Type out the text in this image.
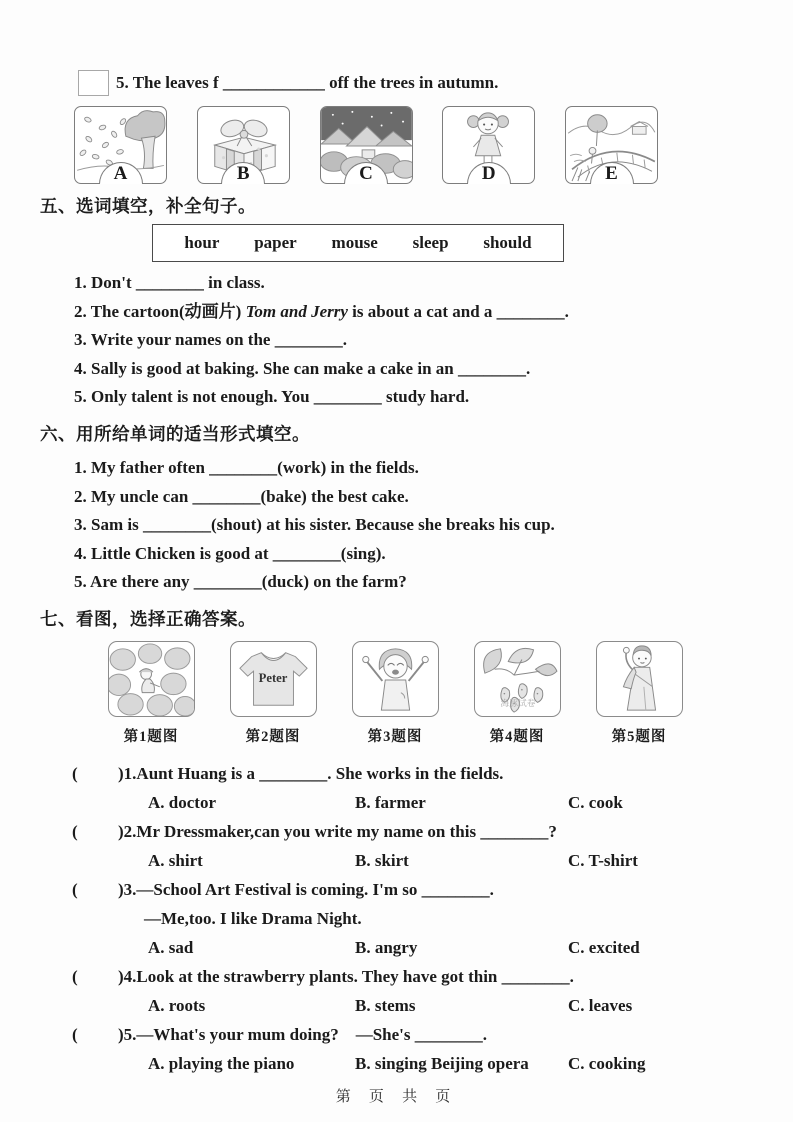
5. The leaves f ____________ off the trees in autumn.
A	B	C	D	E
五、选词填空，补全句子。
hour paper mouse sleep should
1. Don't ________ in class.
2. The cartoon(动画片) Tom and Jerry is about a cat and a ________.
3. Write your names on the ________.
4. Sally is good at baking. She can make a cake in an ________.
5. Only talent is not enough. You ________ study hard.
六、用所给单词的适当形式填空。
1. My father often ________(work) in the fields.
2. My uncle can ________(bake) the best cake.
3. Sam is ________(shout) at his sister. Because she breaks his cup.
4. Little Chicken is good at ________(sing).
5. Are there any ________(duck) on the farm?
七、看图，选择正确答案。
第1题图
Peter
第2题图	第3题图
海豚试卷
第4题图	第5题图
(	)1. Aunt Huang is a ________. She works in the fields.
A. doctor	B. farmer	C. cook
(	)2. Mr Dressmaker,can you write my name on this ________?
A. shirt	B. skirt	C. T-shirt
(	)3. —School Art Festival is coming. I'm so ________.
—Me,too. I like Drama Night.
A. sad	B. angry	C. excited
(	)4. Look at the strawberry plants. They have got thin ________.
A. roots	B. stems	C. leaves
(	)5. —What's your mum doing?    —She's ________.
A. playing the piano	B. singing Beijing opera	C. cooking
第 页 共 页
